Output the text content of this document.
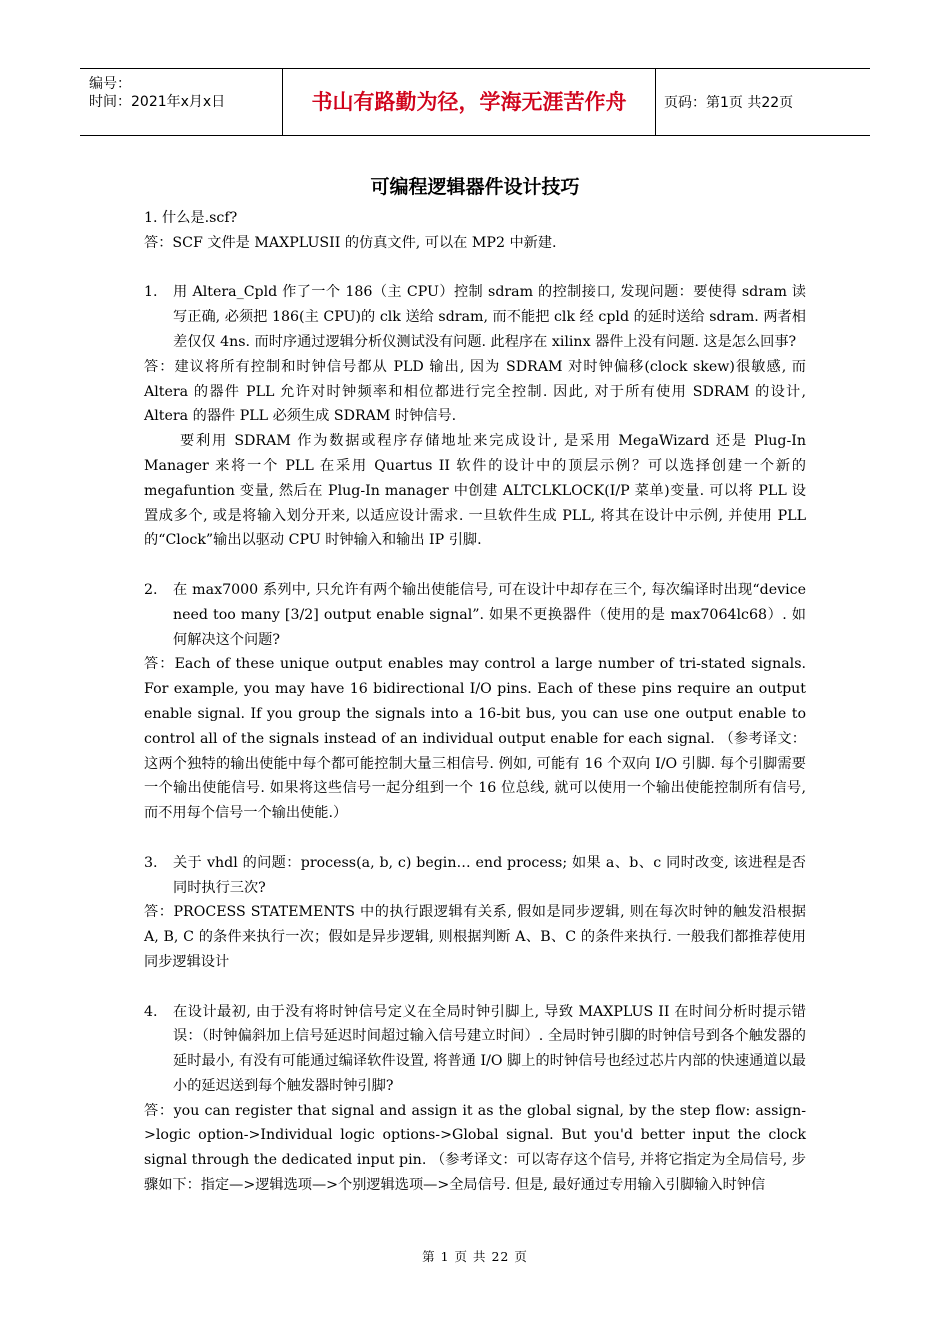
编号：
时间：2021年x月x日	书山有路勤为径，学海无涯苦作舟	页码：第1页 共22页
可编程逻辑器件设计技巧

1. 什么是.scf?

答：SCF 文件是 MAXPLUSII 的仿真文件, 可以在 MP2 中新建.

1. 用 Altera_Cpld 作了一个 186（主 CPU）控制 sdram 的控制接口, 发现问题：要使得 sdram 读写正确, 必须把 186(主 CPU)的 clk 送给 sdram, 而不能把 clk 经 cpld 的延时送给 sdram. 两者相差仅仅 4ns. 而时序通过逻辑分析仪测试没有问题. 此程序在 xilinx 器件上没有问题. 这是怎么回事?

答：建议将所有控制和时钟信号都从 PLD 输出, 因为 SDRAM 对时钟偏移(clock skew)很敏感, 而 Altera 的器件 PLL 允许对时钟频率和相位都进行完全控制. 因此, 对于所有使用 SDRAM 的设计, Altera 的器件 PLL 必须生成 SDRAM 时钟信号.

要利用 SDRAM 作为数据或程序存储地址来完成设计, 是采用 MegaWizard 还是 Plug-In Manager 来将一个 PLL 在采用 Quartus II 软件的设计中的顶层示例？可以选择创建一个新的 megafuntion 变量, 然后在 Plug-In manager 中创建 ALTCLKLOCK(I/P 菜单)变量. 可以将 PLL 设置成多个, 或是将输入划分开来, 以适应设计需求. 一旦软件生成 PLL, 将其在设计中示例, 并使用 PLL 的“Clock”输出以驱动 CPU 时钟输入和输出 IP 引脚.

2. 在 max7000 系列中, 只允许有两个输出使能信号, 可在设计中却存在三个, 每次编译时出现“device need too many [3/2] output enable signal”. 如果不更换器件（使用的是 max7064lc68）. 如何解决这个问题?

答：Each of these unique output enables may control a large number of tri-stated signals. For example, you may have 16 bidirectional I/O pins. Each of these pins require an output enable signal. If you group the signals into a 16-bit bus, you can use one output enable to control all of the signals instead of an individual output enable for each signal. （参考译文：这两个独特的输出使能中每个都可能控制大量三相信号. 例如, 可能有 16 个双向 I/O 引脚. 每个引脚需要一个输出使能信号. 如果将这些信号一起分组到一个 16 位总线, 就可以使用一个输出使能控制所有信号, 而不用每个信号一个输出使能.）

3. 关于 vhdl 的问题：process(a, b, c) begin… end process; 如果 a、b、c 同时改变, 该进程是否同时执行三次?

答：PROCESS STATEMENTS 中的执行跟逻辑有关系, 假如是同步逻辑, 则在每次时钟的触发沿根据 A, B, C 的条件来执行一次；假如是异步逻辑, 则根据判断 A、B、C 的条件来执行. 一般我们都推荐使用同步逻辑设计

4. 在设计最初, 由于没有将时钟信号定义在全局时钟引脚上, 导致 MAXPLUS II 在时间分析时提示错误：（时钟偏斜加上信号延迟时间超过输入信号建立时间）. 全局时钟引脚的时钟信号到各个触发器的延时最小, 有没有可能通过编译软件设置, 将普通 I/O 脚上的时钟信号也经过芯片内部的快速通道以最小的延迟送到每个触发器时钟引脚?

答：you can register that signal and assign it as the global signal, by the step flow: assign->logic option->Individual logic options->Global signal. But you'd better input the clock signal through the dedicated input pin. （参考译文：可以寄存这个信号, 并将它指定为全局信号, 步骤如下：指定—>逻辑选项—>个别逻辑选项—>全局信号. 但是, 最好通过专用输入引脚输入时钟信

第 1 页 共 22 页
